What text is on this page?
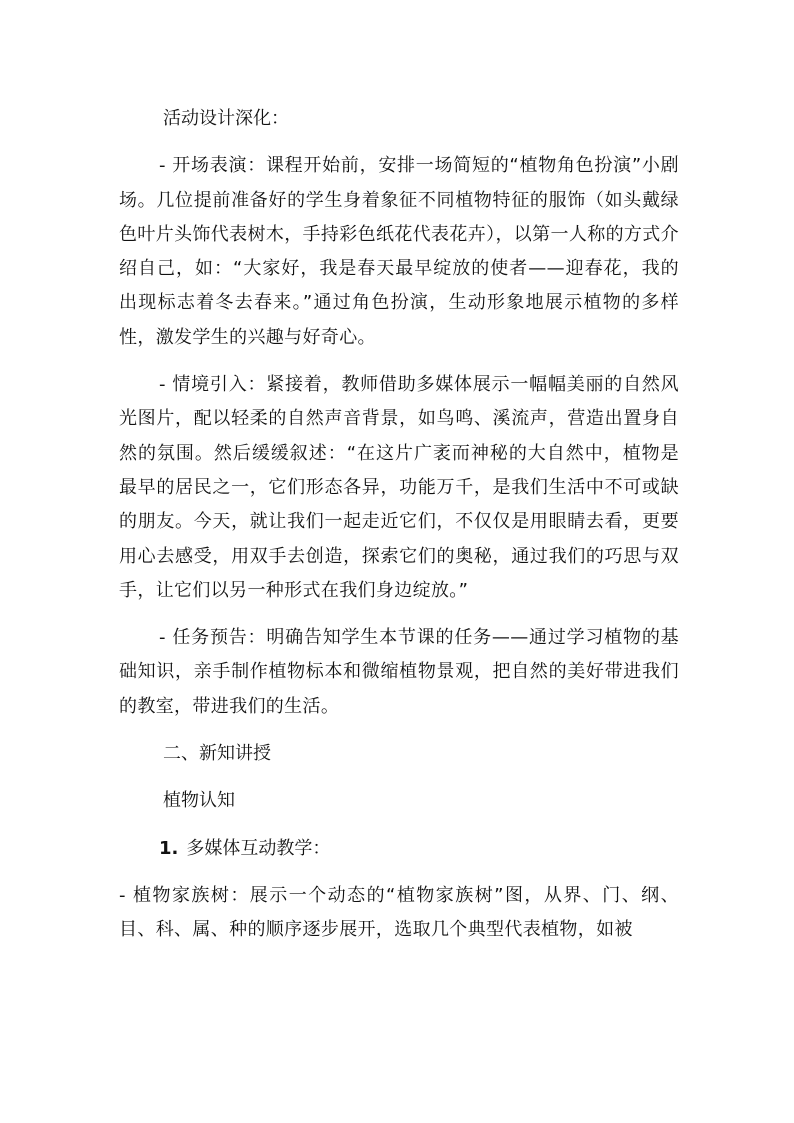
活动设计深化：

- 开场表演：课程开始前，安排一场简短的“植物角色扮演”小剧场。几位提前准备好的学生身着象征不同植物特征的服饰（如头戴绿色叶片头饰代表树木，手持彩色纸花代表花卉），以第一人称的方式介绍自己，如：“大家好，我是春天最早绽放的使者——迎春花，我的出现标志着冬去春来。”通过角色扮演，生动形象地展示植物的多样性，激发学生的兴趣与好奇心。

- 情境引入：紧接着，教师借助多媒体展示一幅幅美丽的自然风光图片，配以轻柔的自然声音背景，如鸟鸣、溪流声，营造出置身自然的氛围。然后缓缓叙述：“在这片广袤而神秘的大自然中，植物是最早的居民之一，它们形态各异，功能万千，是我们生活中不可或缺的朋友。今天，就让我们一起走近它们，不仅仅是用眼睛去看，更要用心去感受，用双手去创造，探索它们的奥秘，通过我们的巧思与双手，让它们以另一种形式在我们身边绽放。”

- 任务预告：明确告知学生本节课的任务——通过学习植物的基础知识，亲手制作植物标本和微缩植物景观，把自然的美好带进我们的教室，带进我们的生活。

二、新知讲授

植物认知

1. 多媒体互动教学：

- 植物家族树：展示一个动态的“植物家族树”图，从界、门、纲、目、科、属、种的顺序逐步展开，选取几个典型代表植物，如被
